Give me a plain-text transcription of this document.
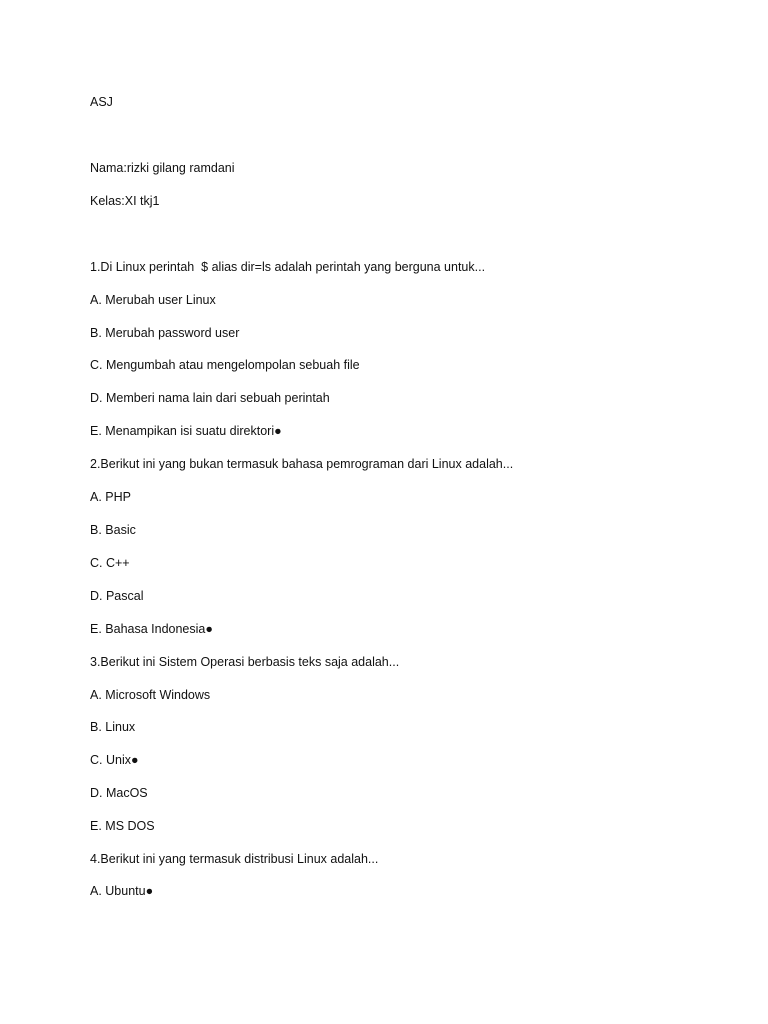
ASJ
Nama:rizki gilang ramdani
Kelas:XI tkj1
1.Di Linux perintah  $ alias dir=ls adalah perintah yang berguna untuk...
A. Merubah user Linux
B. Merubah password user
C. Mengumbah atau mengelompolan sebuah file
D. Memberi nama lain dari sebuah perintah
E. Menampikan isi suatu direktori●
2.Berikut ini yang bukan termasuk bahasa pemrograman dari Linux adalah...
A. PHP
B. Basic
C. C++
D. Pascal
E. Bahasa Indonesia●
3.Berikut ini Sistem Operasi berbasis teks saja adalah...
A. Microsoft Windows
B. Linux
C. Unix●
D. MacOS
E. MS DOS
4.Berikut ini yang termasuk distribusi Linux adalah...
A. Ubuntu●
